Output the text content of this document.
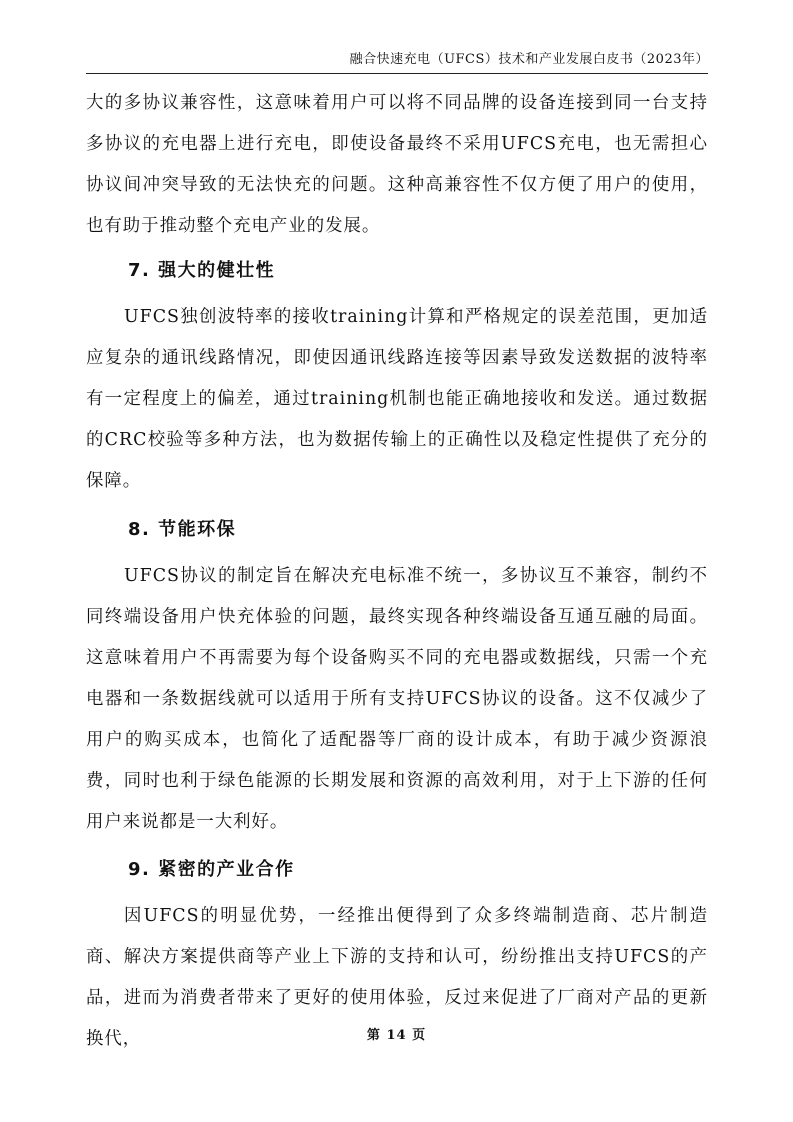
融合快速充电（UFCS）技术和产业发展白皮书（2023年）

大的多协议兼容性，这意味着用户可以将不同品牌的设备连接到同一台支持多协议的充电器上进行充电，即使设备最终不采用UFCS充电，也无需担心协议间冲突导致的无法快充的问题。这种高兼容性不仅方便了用户的使用，也有助于推动整个充电产业的发展。

7. 强大的健壮性

UFCS独创波特率的接收training计算和严格规定的误差范围，更加适应复杂的通讯线路情况，即使因通讯线路连接等因素导致发送数据的波特率有一定程度上的偏差，通过training机制也能正确地接收和发送。通过数据的CRC校验等多种方法，也为数据传输上的正确性以及稳定性提供了充分的保障。

8. 节能环保

UFCS协议的制定旨在解决充电标准不统一，多协议互不兼容，制约不同终端设备用户快充体验的问题，最终实现各种终端设备互通互融的局面。这意味着用户不再需要为每个设备购买不同的充电器或数据线，只需一个充电器和一条数据线就可以适用于所有支持UFCS协议的设备。这不仅减少了用户的购买成本，也简化了适配器等厂商的设计成本，有助于减少资源浪费，同时也利于绿色能源的长期发展和资源的高效利用，对于上下游的任何用户来说都是一大利好。

9. 紧密的产业合作

因UFCS的明显优势，一经推出便得到了众多终端制造商、芯片制造商、解决方案提供商等产业上下游的支持和认可，纷纷推出支持UFCS的产品，进而为消费者带来了更好的使用体验，反过来促进了厂商对产品的更新换代，	第 14 页
